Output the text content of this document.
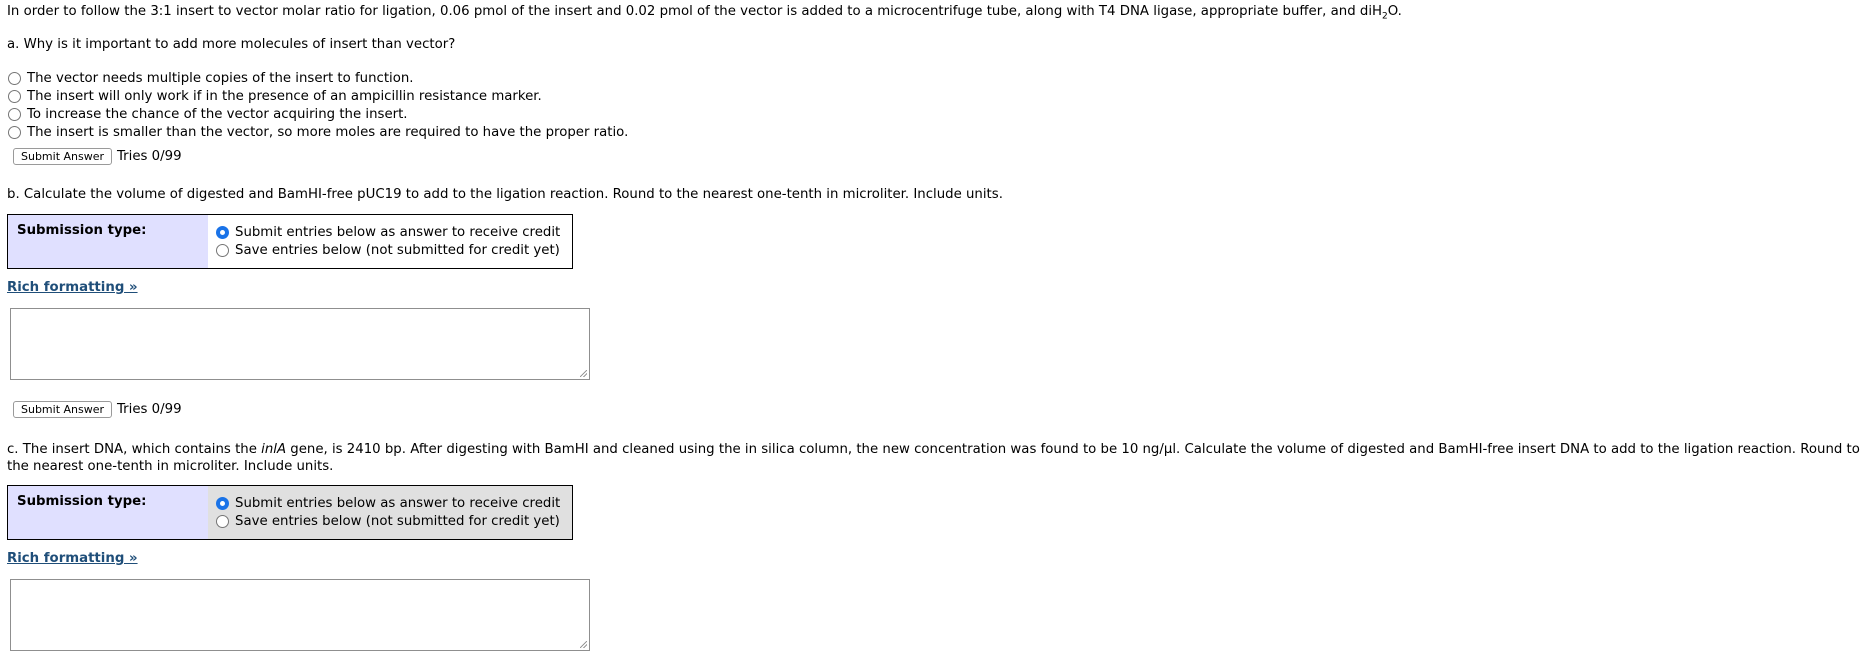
In order to follow the 3:1 insert to vector molar ratio for ligation, 0.06 pmol of the insert and 0.02 pmol of the vector is added to a microcentrifuge tube, along with T4 DNA ligase, appropriate buffer, and diH$_2$O.
a. Why is it important to add more molecules of insert than vector?
The vector needs multiple copies of the insert to function.
The insert will only work if in the presence of an ampicillin resistance marker.
To increase the chance of the vector acquiring the insert.
The insert is smaller than the vector, so more moles are required to have the proper ratio.
Submit Answer Tries 0/99
b. Calculate the volume of digested and BamHI-free pUC19 to add to the ligation reaction. Round to the nearest one-tenth in microliter. Include units.
Submission type:	Submit entries below as answer to receive credit
Save entries below (not submitted for credit yet)
Rich formatting »
Submit Answer Tries 0/99
c. The insert DNA, which contains the inlA gene, is 2410 bp. After digesting with BamHI and cleaned using the in silica column, the new concentration was found to be 10 ng/µl. Calculate the volume of digested and BamHI-free insert DNA to add to the ligation reaction. Round to the nearest one-tenth in microliter. Include units.
Submission type:	Submit entries below as answer to receive credit
Save entries below (not submitted for credit yet)
Rich formatting »
